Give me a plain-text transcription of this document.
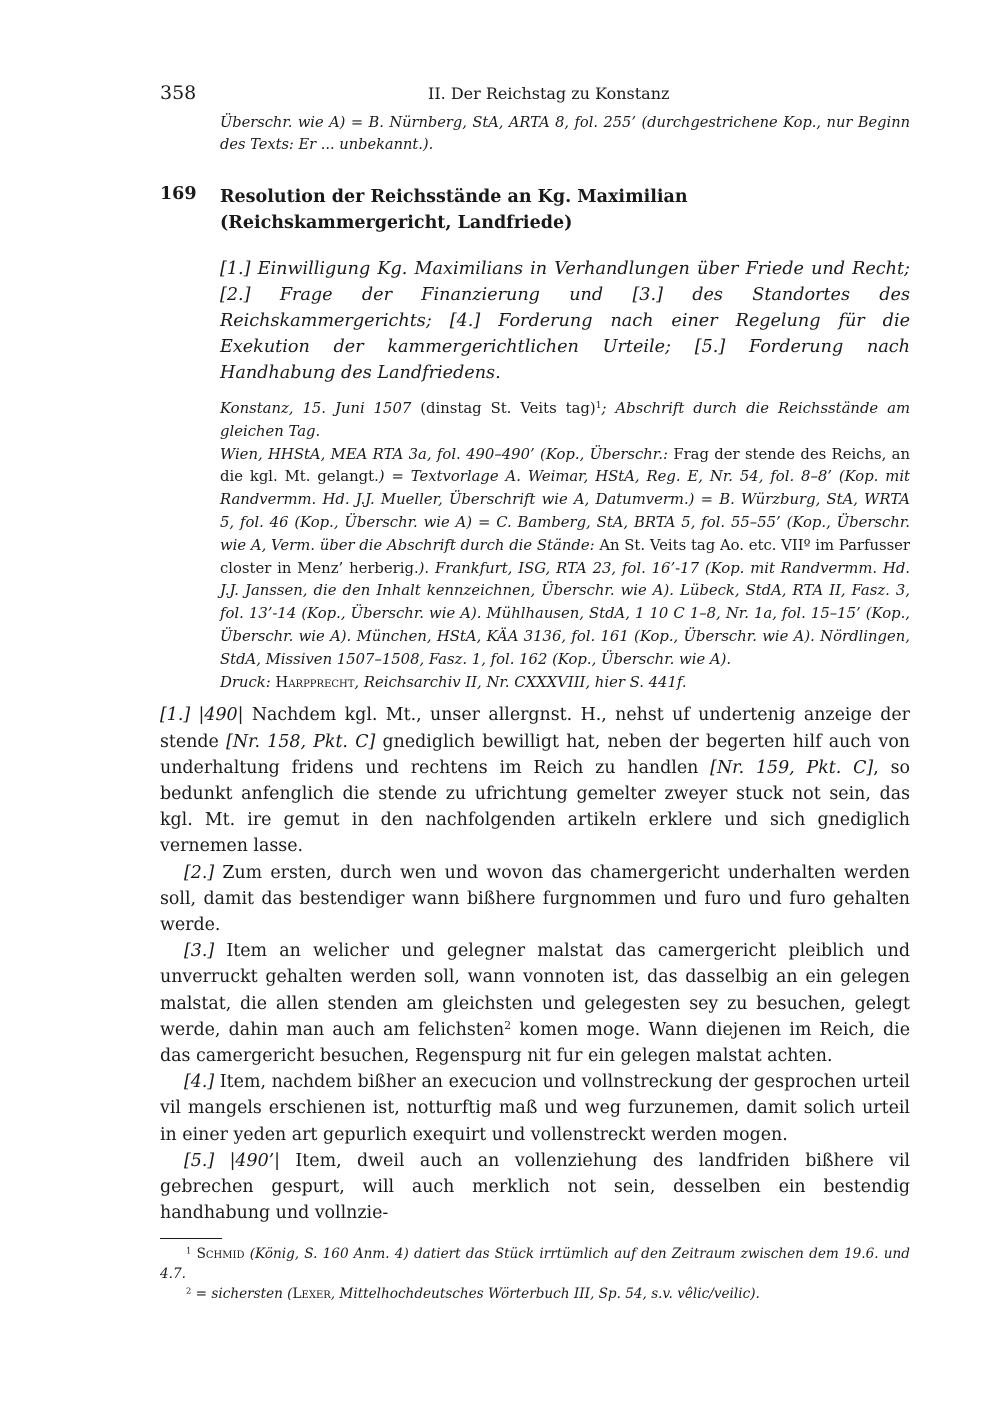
358	II. Der Reichstag zu Konstanz

Überschr. wie A) = B. Nürnberg, StA, ARTA 8, fol. 255’ (durchgestrichene Kop., nur Beginn des Texts: Er ... unbekannt.).

169	Resolution der Reichsstände an Kg. Maximilian (Reichskammergericht, Landfriede)

[1.] Einwilligung Kg. Maximilians in Verhandlungen über Friede und Recht; [2.] Frage der Finanzierung und [3.] des Standortes des Reichskammergerichts; [4.] Forderung nach einer Regelung für die Exekution der kammergerichtlichen Urteile; [5.] Forderung nach Handhabung des Landfriedens.

Konstanz, 15. Juni 1507 (dinstag St. Veits tag)$^1$; Abschrift durch die Reichsstände am gleichen Tag.
Wien, HHStA, MEA RTA 3a, fol. 490–490’ (Kop., Überschr.: Frag der stende des Reichs, an die kgl. Mt. gelangt.) = Textvorlage A. Weimar, HStA, Reg. E, Nr. 54, fol. 8–8’ (Kop. mit Randvermm. Hd. J.J. Mueller, Überschrift wie A, Datumverm.) = B. Würzburg, StA, WRTA 5, fol. 46 (Kop., Überschr. wie A) = C. Bamberg, StA, BRTA 5, fol. 55–55’ (Kop., Überschr. wie A, Verm. über die Abschrift durch die Stände: An St. Veits tag Ao. etc. VIIº im Parfusser closter in Menz’ herberig.). Frankfurt, ISG, RTA 23, fol. 16’-17 (Kop. mit Randvermm. Hd. J.J. Janssen, die den Inhalt kennzeichnen, Überschr. wie A). Lübeck, StdA, RTA II, Fasz. 3, fol. 13’-14 (Kop., Überschr. wie A). Mühlhausen, StdA, 1 10 C 1–8, Nr. 1a, fol. 15–15’ (Kop., Überschr. wie A). München, HStA, KÄA 3136, fol. 161 (Kop., Überschr. wie A). Nördlingen, StdA, Missiven 1507–1508, Fasz. 1, fol. 162 (Kop., Überschr. wie A).
Druck: Harpprecht, Reichsarchiv II, Nr. CXXXVIII, hier S. 441f.

[1.] |490| Nachdem kgl. Mt., unser allergnst. H., nehst uf undertenig anzeige der stende [Nr. 158, Pkt. C] gnediglich bewilligt hat, neben der begerten hilf auch von underhaltung fridens und rechtens im Reich zu handlen [Nr. 159, Pkt. C], so bedunkt anfenglich die stende zu ufrichtung gemelter zweyer stuck not sein, das kgl. Mt. ire gemut in den nachfolgenden artikeln erklere und sich gnediglich vernemen lasse.

[2.] Zum ersten, durch wen und wovon das chamergericht underhalten werden soll, damit das bestendiger wann bißhere furgnommen und furo und furo gehalten werde.

[3.] Item an welicher und gelegner malstat das camergericht pleiblich und unverruckt gehalten werden soll, wann vonnoten ist, das dasselbig an ein gelegen malstat, die allen stenden am gleichsten und gelegesten sey zu besuchen, gelegt werde, dahin man auch am felichsten$^2$ komen moge. Wann diejenen im Reich, die das camergericht besuchen, Regenspurg nit fur ein gelegen malstat achten.

[4.] Item, nachdem bißher an execucion und vollnstreckung der gesprochen urteil vil mangels erschienen ist, notturftig maß und weg furzunemen, damit solich urteil in einer yeden art gepurlich exequirt und vollenstreckt werden mogen.

[5.] |490’| Item, dweil auch an vollenziehung des landfriden bißhere vil gebrechen gespurt, will auch merklich not sein, desselben ein bestendig handhabung und vollnzie-

$^1$ Schmid (König, S. 160 Anm. 4) datiert das Stück irrtümlich auf den Zeitraum zwischen dem 19.6. und 4.7.

$^2$ = sichersten (Lexer, Mittelhochdeutsches Wörterbuch III, Sp. 54, s.v. vêlic/veilic).
